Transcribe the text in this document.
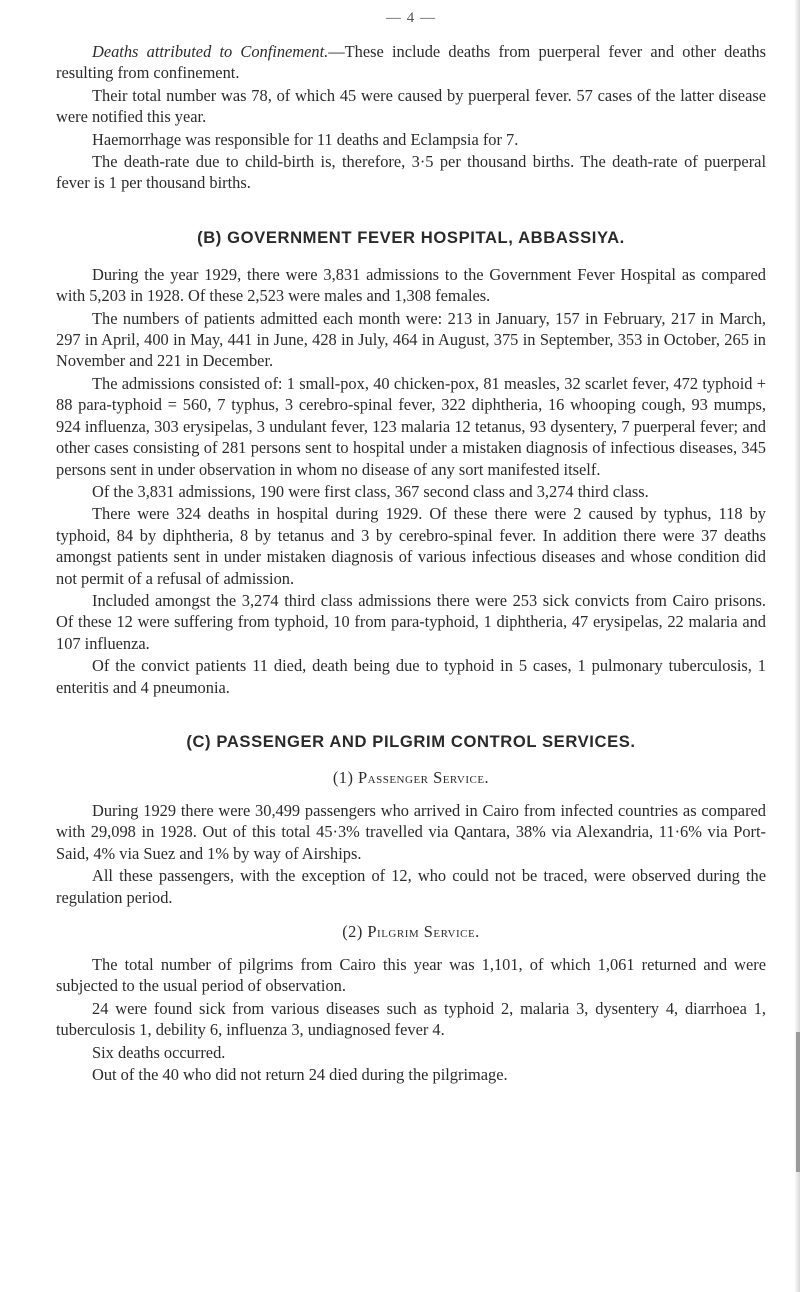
— 4 —

Deaths attributed to Confinement.—These include deaths from puerperal fever and other deaths resulting from confinement.

Their total number was 78, of which 45 were caused by puerperal fever. 57 cases of the latter disease were notified this year.

Haemorrhage was responsible for 11 deaths and Eclampsia for 7.

The death-rate due to child-birth is, therefore, 3·5 per thousand births. The death-rate of puerperal fever is 1 per thousand births.

(B) GOVERNMENT FEVER HOSPITAL, ABBASSIYA.

During the year 1929, there were 3,831 admissions to the Government Fever Hospital as compared with 5,203 in 1928. Of these 2,523 were males and 1,308 females.

The numbers of patients admitted each month were: 213 in January, 157 in February, 217 in March, 297 in April, 400 in May, 441 in June, 428 in July, 464 in August, 375 in September, 353 in October, 265 in November and 221 in December.

The admissions consisted of: 1 small-pox, 40 chicken-pox, 81 measles, 32 scarlet fever, 472 typhoid + 88 para-typhoid = 560, 7 typhus, 3 cerebro-spinal fever, 322 diphtheria, 16 whooping cough, 93 mumps, 924 influenza, 303 erysipelas, 3 undulant fever, 123 malaria 12 tetanus, 93 dysentery, 7 puerperal fever; and other cases consisting of 281 persons sent to hospital under a mistaken diagnosis of infectious diseases, 345 persons sent in under observation in whom no disease of any sort manifested itself.

Of the 3,831 admissions, 190 were first class, 367 second class and 3,274 third class.

There were 324 deaths in hospital during 1929. Of these there were 2 caused by typhus, 118 by typhoid, 84 by diphtheria, 8 by tetanus and 3 by cerebro-spinal fever. In addition there were 37 deaths amongst patients sent in under mistaken diagnosis of various infectious diseases and whose condition did not permit of a refusal of admission.

Included amongst the 3,274 third class admissions there were 253 sick convicts from Cairo prisons. Of these 12 were suffering from typhoid, 10 from para-typhoid, 1 diphtheria, 47 erysipelas, 22 malaria and 107 influenza.

Of the convict patients 11 died, death being due to typhoid in 5 cases, 1 pulmonary tuberculosis, 1 enteritis and 4 pneumonia.

(C) PASSENGER AND PILGRIM CONTROL SERVICES.
(1) Passenger Service.

During 1929 there were 30,499 passengers who arrived in Cairo from infected countries as compared with 29,098 in 1928. Out of this total 45·3% travelled via Qantara, 38% via Alexandria, 11·6% via Port-Said, 4% via Suez and 1% by way of Airships.

All these passengers, with the exception of 12, who could not be traced, were observed during the regulation period.

(2) Pilgrim Service.

The total number of pilgrims from Cairo this year was 1,101, of which 1,061 returned and were subjected to the usual period of observation.

24 were found sick from various diseases such as typhoid 2, malaria 3, dysentery 4, diarrhoea 1, tuberculosis 1, debility 6, influenza 3, undiagnosed fever 4.

Six deaths occurred.

Out of the 40 who did not return 24 died during the pilgrimage.
